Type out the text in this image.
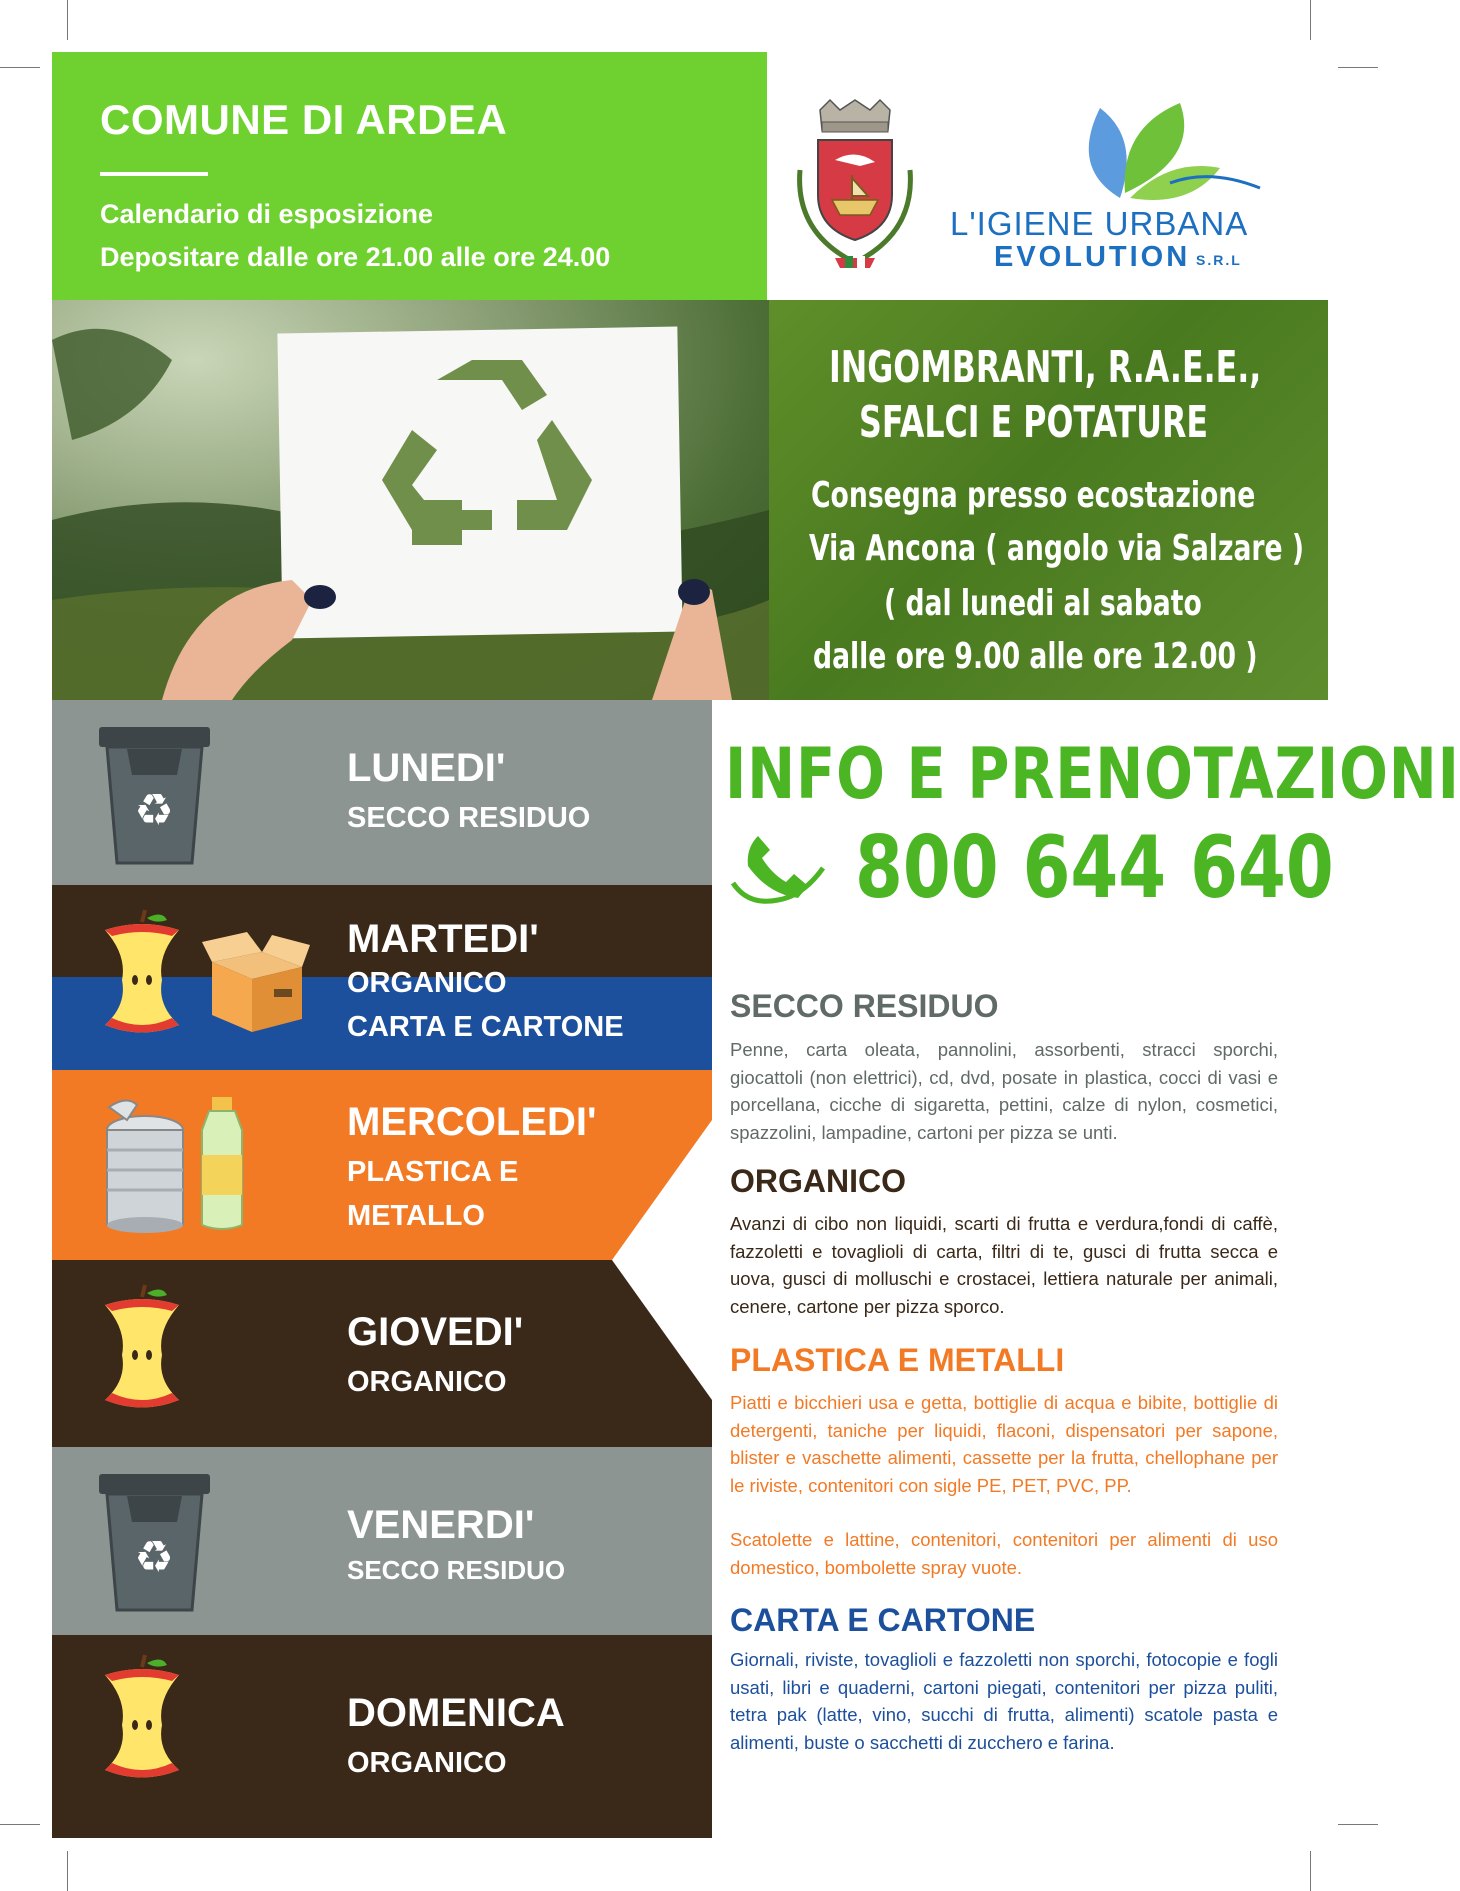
COMUNE DI ARDEA
Calendario di esposizione
Depositare dalle ore 21.00 alle ore 24.00
L'IGIENE URBANA
EVOLUTION S.R.L
INGOMBRANTI, R.A.E.E.,
SFALCI E POTATURE
Consegna presso ecostazione
Via Ancona ( angolo via Salzare )
( dal lunedi al sabato
dalle ore 9.00 alle ore 12.00 )
♻
LUNEDI'
SECCO RESIDUO
MARTEDI'
ORGANICO
CARTA E CARTONE
MERCOLEDI'
PLASTICA E
METALLO
GIOVEDI'
ORGANICO
♻
VENERDI'
SECCO RESIDUO
DOMENICA
ORGANICO
INFO E PRENOTAZIONI
800 644 640
SECCO RESIDUO
Penne, carta oleata, pannolini, assorbenti, stracci sporchi, giocattoli (non elettrici), cd, dvd, posate in plastica, cocci di vasi e porcellana, cicche di sigaretta, pettini, calze di nylon, cosmetici, spazzolini, lampadine, cartoni per pizza se unti.
ORGANICO
Avanzi di cibo non liquidi, scarti di frutta e verdura,fondi di caffè, fazzoletti e tovaglioli di carta, filtri di te, gusci di frutta secca e uova, gusci di molluschi e crostacei, lettiera naturale per animali, cenere, cartone per pizza sporco.
PLASTICA E METALLI
Piatti e bicchieri usa e getta, bottiglie di acqua e bibite, bottiglie di detergenti, taniche per liquidi, flaconi, dispensatori per sapone, blister e vaschette alimenti, cassette per la frutta, chellophane per le riviste, contenitori con sigle PE, PET, PVC, PP.
Scatolette e lattine, contenitori, contenitori per alimenti di uso domestico, bombolette spray vuote.
CARTA E CARTONE
Giornali, riviste, tovaglioli e fazzoletti non sporchi, fotocopie e fogli usati, libri e quaderni, cartoni piegati, contenitori per pizza puliti, tetra pak (latte, vino, succhi di frutta, alimenti) scatole pasta e alimenti, buste o sacchetti di zucchero e farina.
